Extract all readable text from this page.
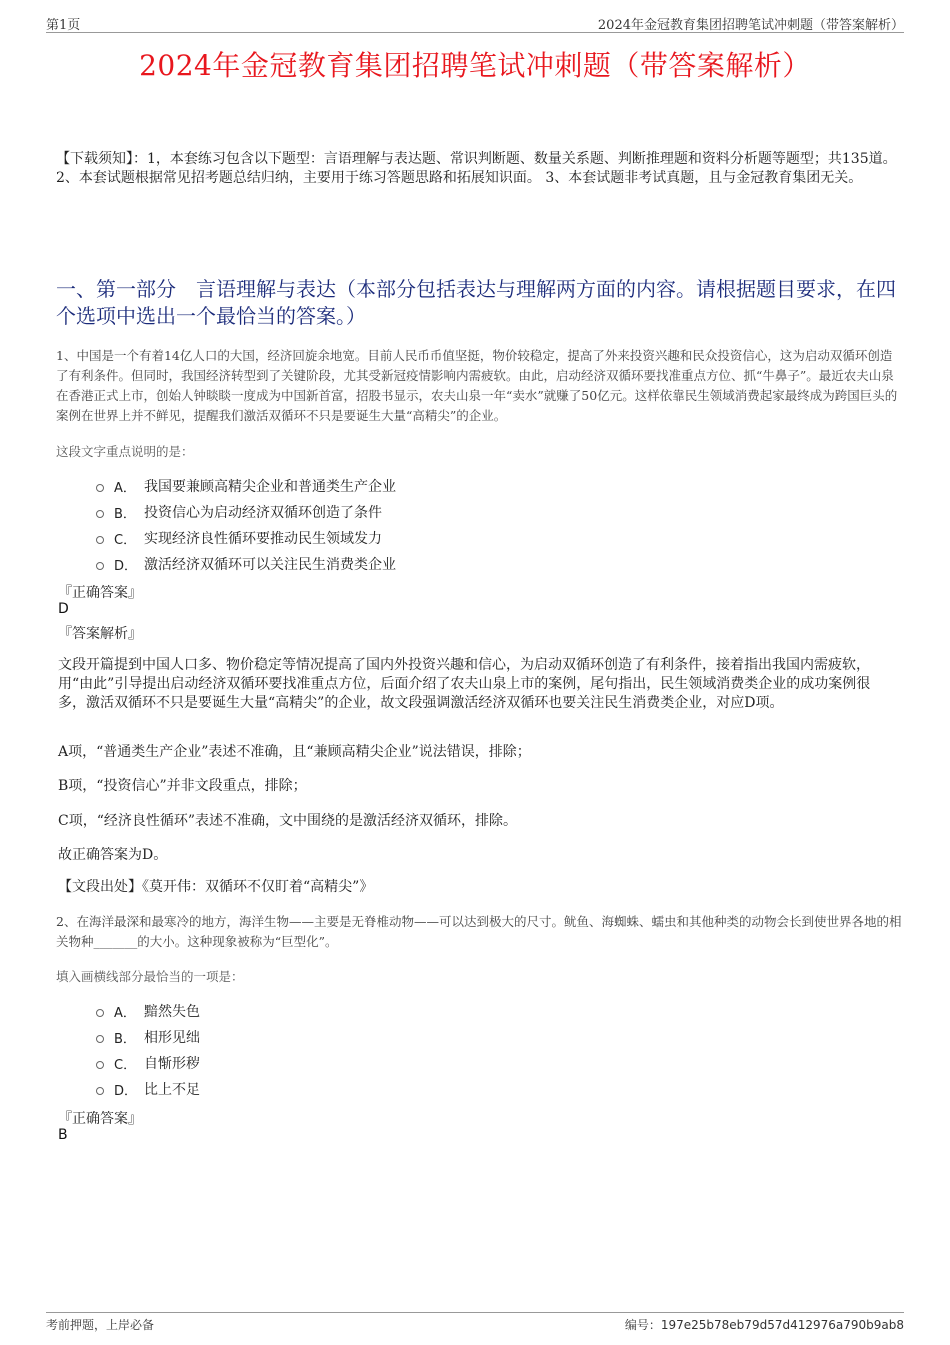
第1页	2024年金冠教育集团招聘笔试冲刺题（带答案解析）
2024年金冠教育集团招聘笔试冲刺题（带答案解析）
【下载须知】：1，本套练习包含以下题型：言语理解与表达题、常识判断题、数量关系题、判断推理题和资料分析题等题型；共135道。 2、本套试题根据常见招考题总结归纳，主要用于练习答题思路和拓展知识面。 3、本套试题非考试真题，且与金冠教育集团无关。
一、第一部分　言语理解与表达（本部分包括表达与理解两方面的内容。请根据题目要求，在四个选项中选出一个最恰当的答案。）
1、中国是一个有着14亿人口的大国，经济回旋余地宽。目前人民币币值坚挺，物价较稳定，提高了外来投资兴趣和民众投资信心，这为启动双循环创造了有利条件。但同时，我国经济转型到了关键阶段，尤其受新冠疫情影响内需疲软。由此，启动经济双循环要找准重点方位、抓“牛鼻子”。最近农夫山泉在香港正式上市，创始人钟睒睒一度成为中国新首富，招股书显示，农夫山泉一年“卖水”就赚了50亿元。这样依靠民生领域消费起家最终成为跨国巨头的案例在世界上并不鲜见，提醒我们激活双循环不只是要诞生大量“高精尖”的企业。
这段文字重点说明的是：
A． 我国要兼顾高精尖企业和普通类生产企业
B． 投资信心为启动经济双循环创造了条件
C． 实现经济良性循环要推动民生领域发力
D． 激活经济双循环可以关注民生消费类企业
『正确答案』
D
『答案解析』
文段开篇提到中国人口多、物价稳定等情况提高了国内外投资兴趣和信心，为启动双循环创造了有利条件，接着指出我国内需疲软，用“由此”引导提出启动经济双循环要找准重点方位，后面介绍了农夫山泉上市的案例，尾句指出，民生领域消费类企业的成功案例很多，激活双循环不只是要诞生大量“高精尖”的企业，故文段强调激活经济双循环也要关注民生消费类企业，对应D项。
A项，“普通类生产企业”表述不准确，且“兼顾高精尖企业”说法错误，排除；
B项，“投资信心”并非文段重点，排除；
C项，“经济良性循环”表述不准确，文中围绕的是激活经济双循环，排除。
故正确答案为D。
【文段出处】《莫开伟：双循环不仅盯着“高精尖”》
2、在海洋最深和最寒冷的地方，海洋生物——主要是无脊椎动物——可以达到极大的尺寸。鱿鱼、海蜘蛛、蠕虫和其他种类的动物会长到使世界各地的相关物种_______的大小。这种现象被称为“巨型化”。
填入画横线部分最恰当的一项是：
A． 黯然失色
B． 相形见绌
C． 自惭形秽
D． 比上不足
『正确答案』
B
考前押题，上岸必备	编号：197e25b78eb79d57d412976a790b9ab8
